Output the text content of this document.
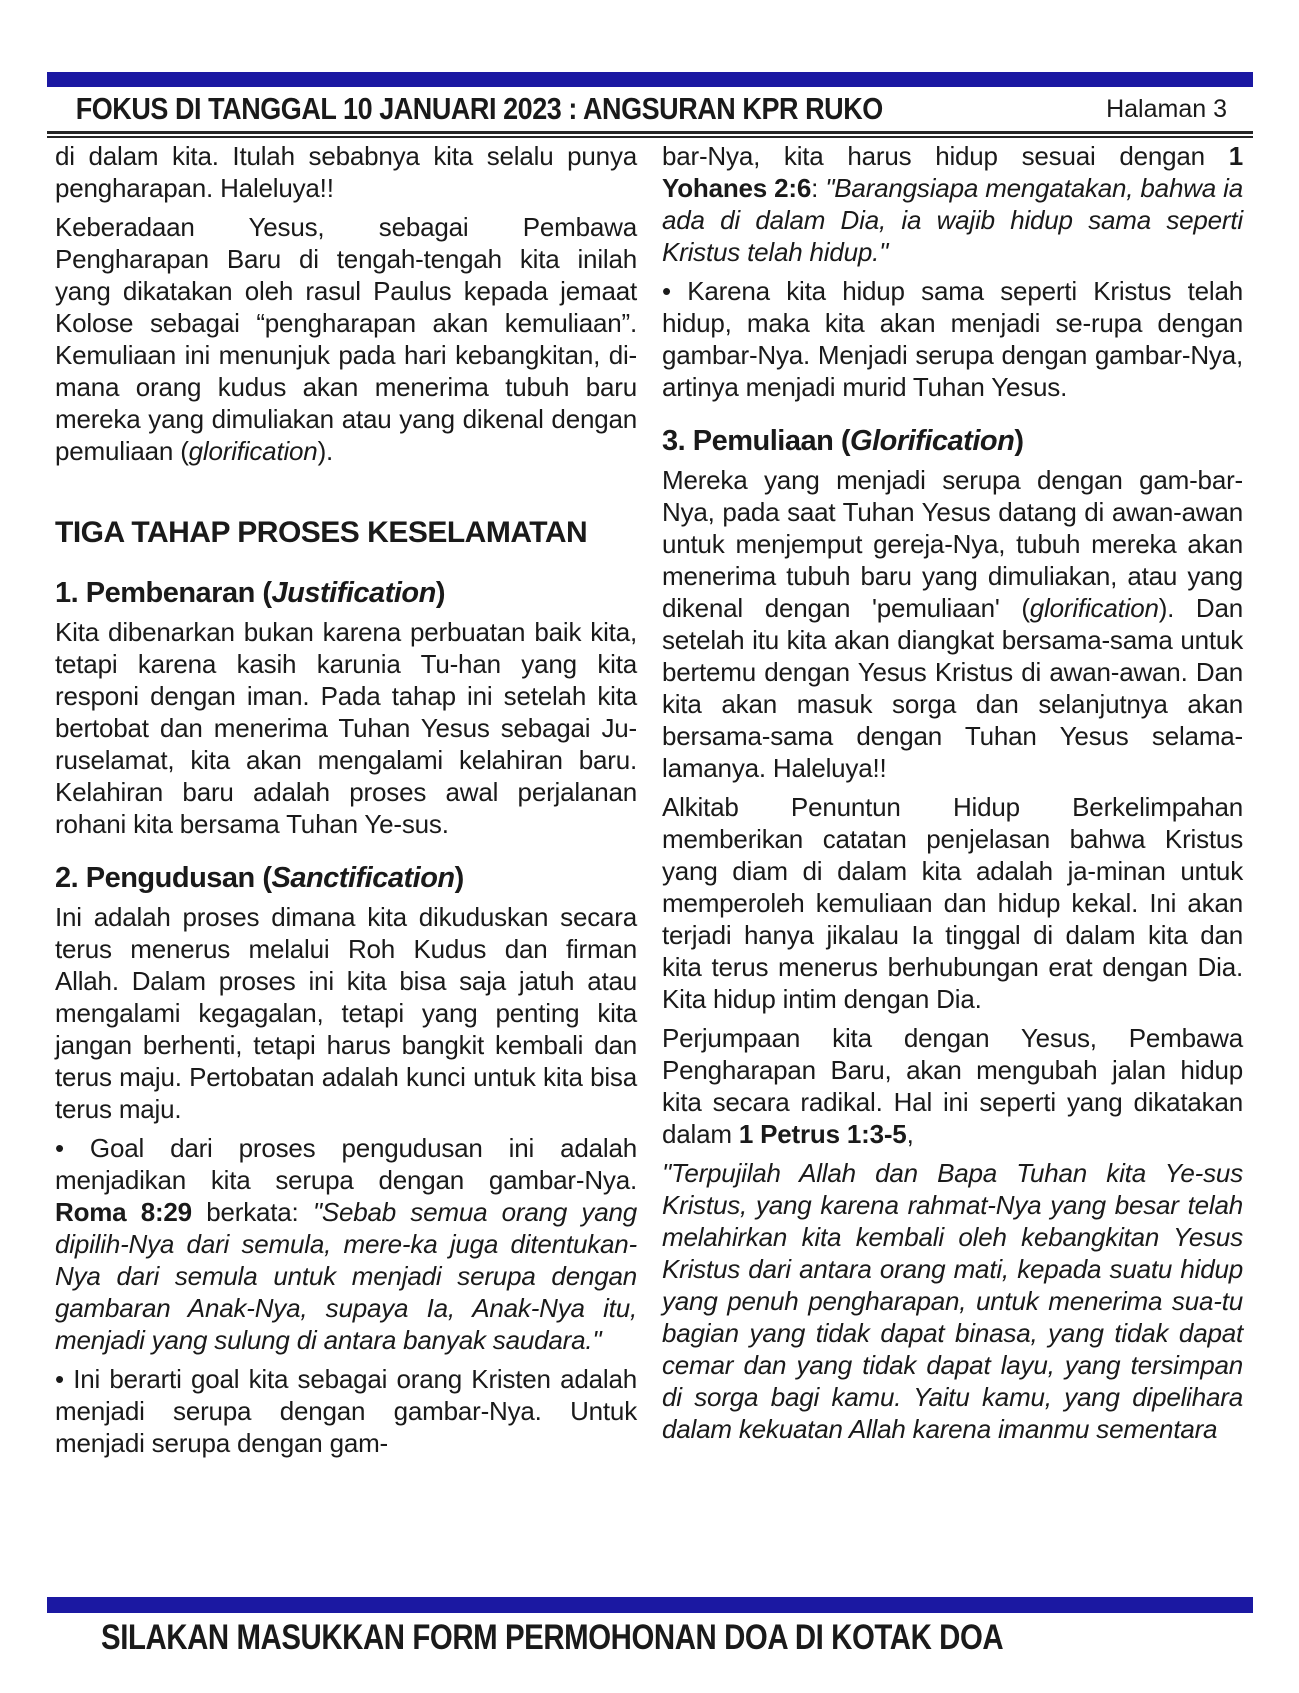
FOKUS DI TANGGAL 10 JANUARI 2023 : ANGSURAN KPR RUKO	Halaman 3

di dalam kita. Itulah sebabnya kita selalu punya pengharapan. Haleluya!!

Keberadaan Yesus, sebagai Pembawa Pengharapan Baru di tengah-tengah kita inilah yang dikatakan oleh rasul Paulus kepada jemaat Kolose sebagai “pengharapan akan kemuliaan”. Kemuliaan ini menunjuk pada hari kebangkitan, di-mana orang kudus akan menerima tubuh baru mereka yang dimuliakan atau yang dikenal dengan pemuliaan (glorification).

TIGA TAHAP PROSES KESELAMATAN
1. Pembenaran (Justification)

Kita dibenarkan bukan karena perbuatan baik kita, tetapi karena kasih karunia Tu-han yang kita responi dengan iman. Pada tahap ini setelah kita bertobat dan menerima Tuhan Yesus sebagai Ju-ruselamat, kita akan mengalami kelahiran baru. Kelahiran baru adalah proses awal perjalanan rohani kita bersama Tuhan Ye-sus.

2. Pengudusan (Sanctification)

Ini adalah proses dimana kita dikuduskan secara terus menerus melalui Roh Kudus dan firman Allah. Dalam proses ini kita bisa saja jatuh atau mengalami kegagalan, tetapi yang penting kita jangan berhenti, tetapi harus bangkit kembali dan terus maju. Pertobatan adalah kunci untuk kita bisa terus maju.

• Goal dari proses pengudusan ini adalah menjadikan kita serupa dengan gambar-Nya. Roma 8:29 berkata: "Sebab semua orang yang dipilih-Nya dari semula, mere-ka juga ditentukan-Nya dari semula untuk menjadi serupa dengan gambaran Anak-Nya, supaya Ia, Anak-Nya itu, menjadi yang sulung di antara banyak saudara."

• Ini berarti goal kita sebagai orang Kristen adalah menjadi serupa dengan gambar-Nya. Untuk menjadi serupa dengan gam-

bar-Nya, kita harus hidup sesuai dengan 1 Yohanes 2:6: "Barangsiapa mengatakan, bahwa ia ada di dalam Dia, ia wajib hidup sama seperti Kristus telah hidup."

• Karena kita hidup sama seperti Kristus telah hidup, maka kita akan menjadi se-rupa dengan gambar-Nya. Menjadi serupa dengan gambar-Nya, artinya menjadi murid Tuhan Yesus.

3. Pemuliaan (Glorification)

Mereka yang menjadi serupa dengan gam-bar-Nya, pada saat Tuhan Yesus datang di awan-awan untuk menjemput gereja-Nya, tubuh mereka akan menerima tubuh baru yang dimuliakan, atau yang dikenal dengan 'pemuliaan' (glorification). Dan setelah itu kita akan diangkat bersama-sama untuk bertemu dengan Yesus Kristus di awan-awan. Dan kita akan masuk sorga dan selanjutnya akan bersama-sama dengan Tuhan Yesus selama-lamanya. Haleluya!!

Alkitab Penuntun Hidup Berkelimpahan memberikan catatan penjelasan bahwa Kristus yang diam di dalam kita adalah ja-minan untuk memperoleh kemuliaan dan hidup kekal. Ini akan terjadi hanya jikalau Ia tinggal di dalam kita dan kita terus menerus berhubungan erat dengan Dia. Kita hidup intim dengan Dia.

Perjumpaan kita dengan Yesus, Pembawa Pengharapan Baru, akan mengubah jalan hidup kita secara radikal. Hal ini seperti yang dikatakan dalam 1 Petrus 1:3-5,

"Terpujilah Allah dan Bapa Tuhan kita Ye-sus Kristus, yang karena rahmat-Nya yang besar telah melahirkan kita kembali oleh kebangkitan Yesus Kristus dari antara orang mati, kepada suatu hidup yang penuh pengharapan, untuk menerima sua-tu bagian yang tidak dapat binasa, yang tidak dapat cemar dan yang tidak dapat layu, yang tersimpan di sorga bagi kamu. Yaitu kamu, yang dipelihara dalam kekuatan Allah karena imanmu sementara

SILAKAN MASUKKAN FORM PERMOHONAN DOA DI KOTAK DOA
